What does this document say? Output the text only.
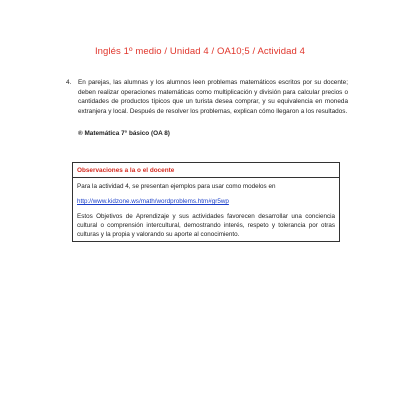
Inglés 1º medio / Unidad 4 / OA10;5 / Actividad 4
4.	En parejas, las alumnas y los alumnos leen problemas matemáticos escritos por su docente; deben realizar operaciones matemáticas como multiplicación y división para calcular precios o cantidades de productos típicos que un turista desea comprar, y su equivalencia en moneda extranjera y local. Después de resolver los problemas, explican cómo llegaron a los resultados.
® Matemática 7° básico (OA 8)
Observaciones a la o el docente

Para la actividad 4, se presentan ejemplos para usar como modelos en

http://www.kidzone.ws/math/wordproblems.htm#gr5wp

Estos Objetivos de Aprendizaje y sus actividades favorecen desarrollar una conciencia cultural o comprensión intercultural, demostrando interés, respeto y tolerancia por otras culturas y la propia y valorando su aporte al conocimiento.
